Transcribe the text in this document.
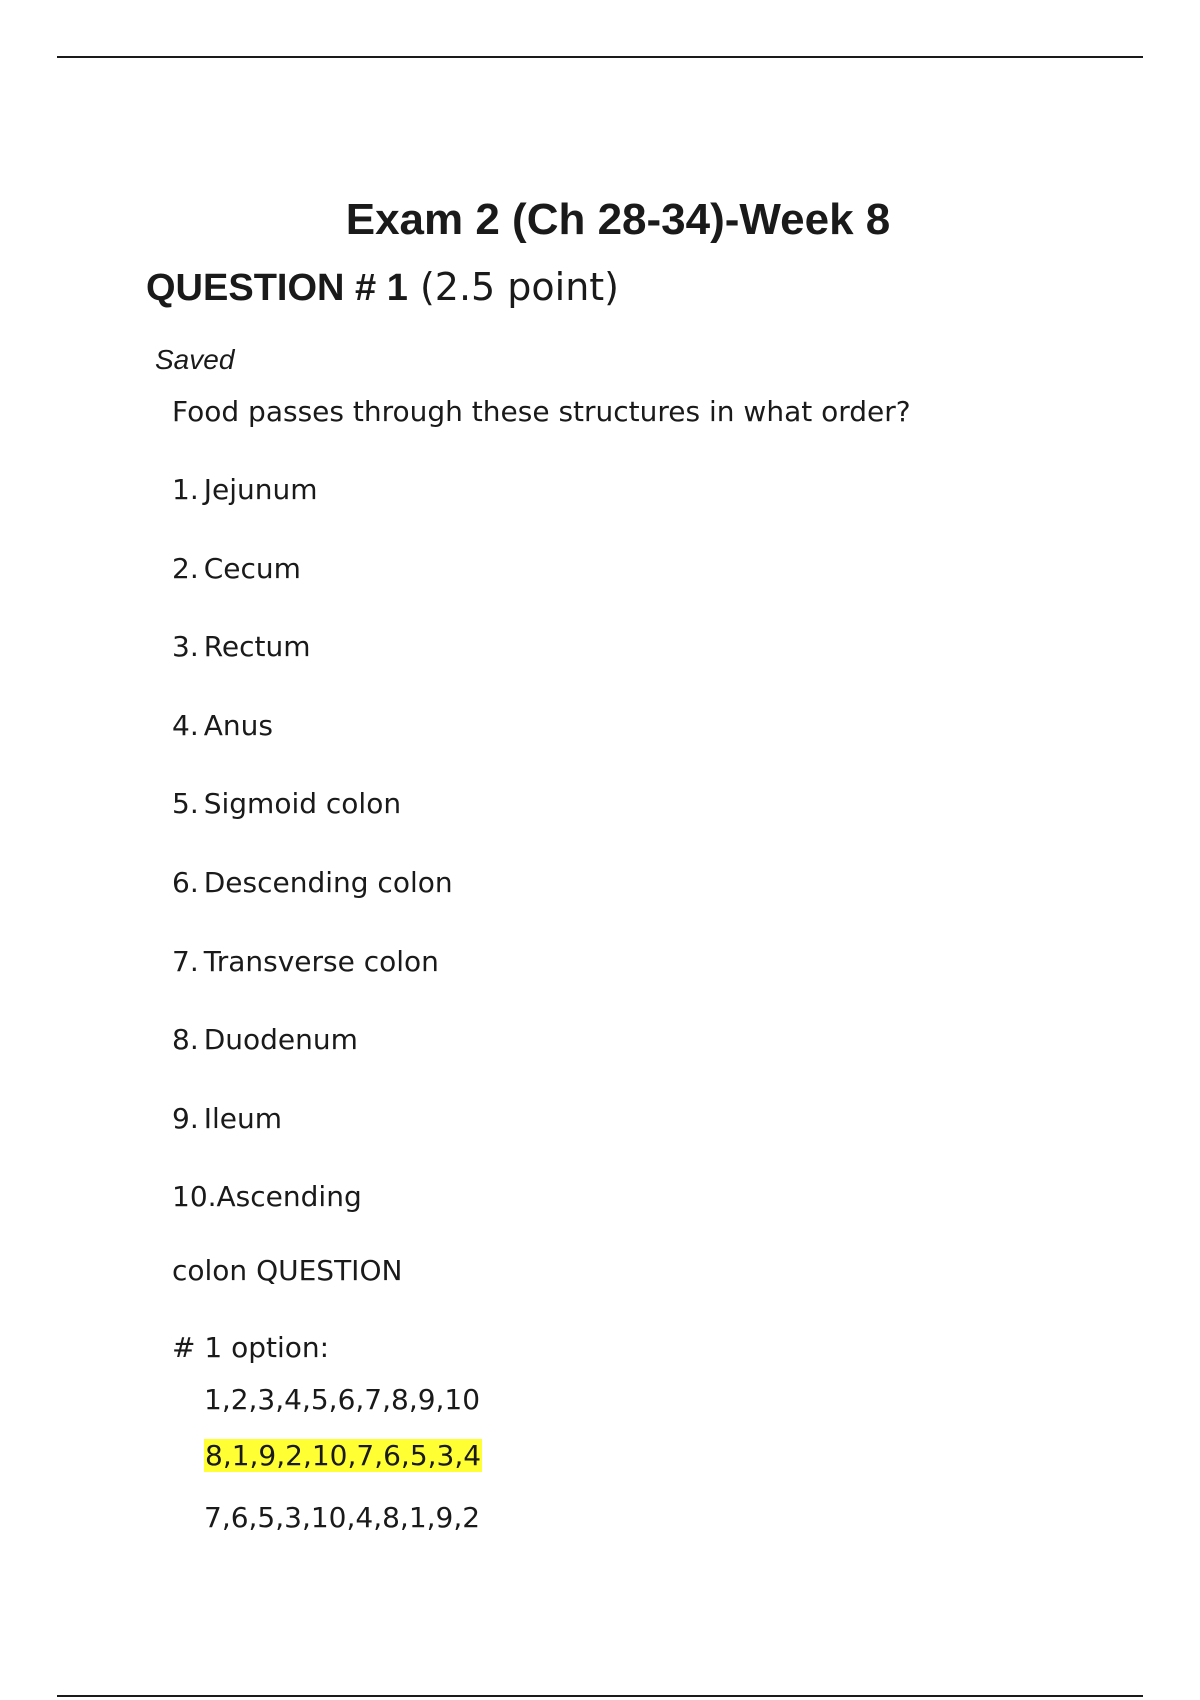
Exam 2 (Ch 28-34)-Week 8
QUESTION # 1 (2.5 point)
Saved
Food passes through these structures in what order?
1. Jejunum
2. Cecum
3. Rectum
4. Anus
5. Sigmoid colon
6. Descending colon
7. Transverse colon
8. Duodenum
9. Ileum
10.Ascending
colon QUESTION
# 1 option:
1,2,3,4,5,6,7,8,9,10
8,1,9,2,10,7,6,5,3,4
7,6,5,3,10,4,8,1,9,2
